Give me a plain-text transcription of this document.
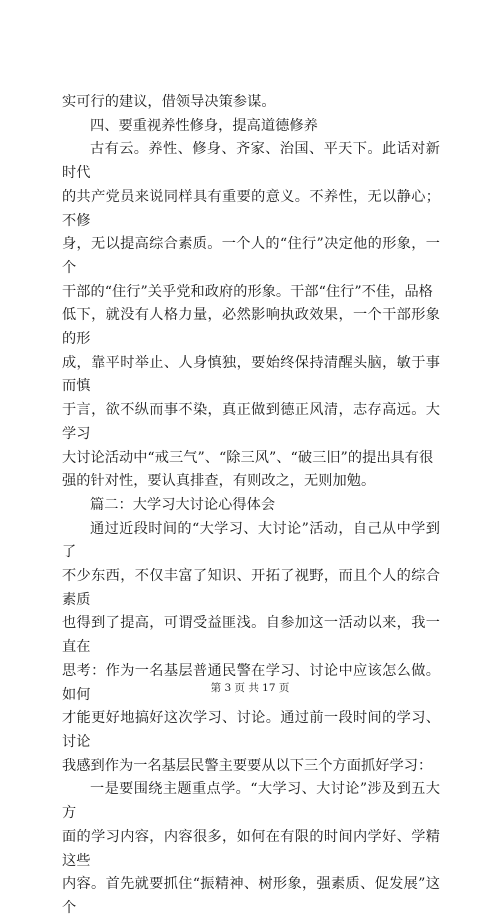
实可行的建议，借领导决策参谋。

四、要重视养性修身，提高道德修养

古有云。养性、修身、齐家、治国、平天下。此话对新时代
的共产党员来说同样具有重要的意义。不养性，无以静心；不修
身，无以提高综合素质。一个人的“住行”决定他的形象，一个
干部的“住行”关乎党和政府的形象。干部“住行”不佳，品格
低下，就没有人格力量，必然影响执政效果，一个干部形象的形
成，靠平时举止、人身慎独，要始终保持清醒头脑，敏于事而慎
于言，欲不纵而事不染，真正做到德正风清，志存高远。大学习
大讨论活动中“戒三气”、“除三风”、“破三旧”的提出具有很
强的针对性，要认真排查，有则改之，无则加勉。

篇二：大学习大讨论心得体会

通过近段时间的“大学习、大讨论”活动，自己从中学到了
不少东西，不仅丰富了知识、开拓了视野，而且个人的综合素质
也得到了提高，可谓受益匪浅。自参加这一活动以来，我一直在
思考：作为一名基层普通民警在学习、讨论中应该怎么做。如何
才能更好地搞好这次学习、讨论。通过前一段时间的学习、讨论
我感到作为一名基层民警主要要从以下三个方面抓好学习：

一是要围绕主题重点学。“大学习、大讨论”涉及到五大方
面的学习内容，内容很多，如何在有限的时间内学好、学精这些
内容。首先就要抓住“振精神、树形象，强素质、促发展”这个

第 3 页 共 17 页
